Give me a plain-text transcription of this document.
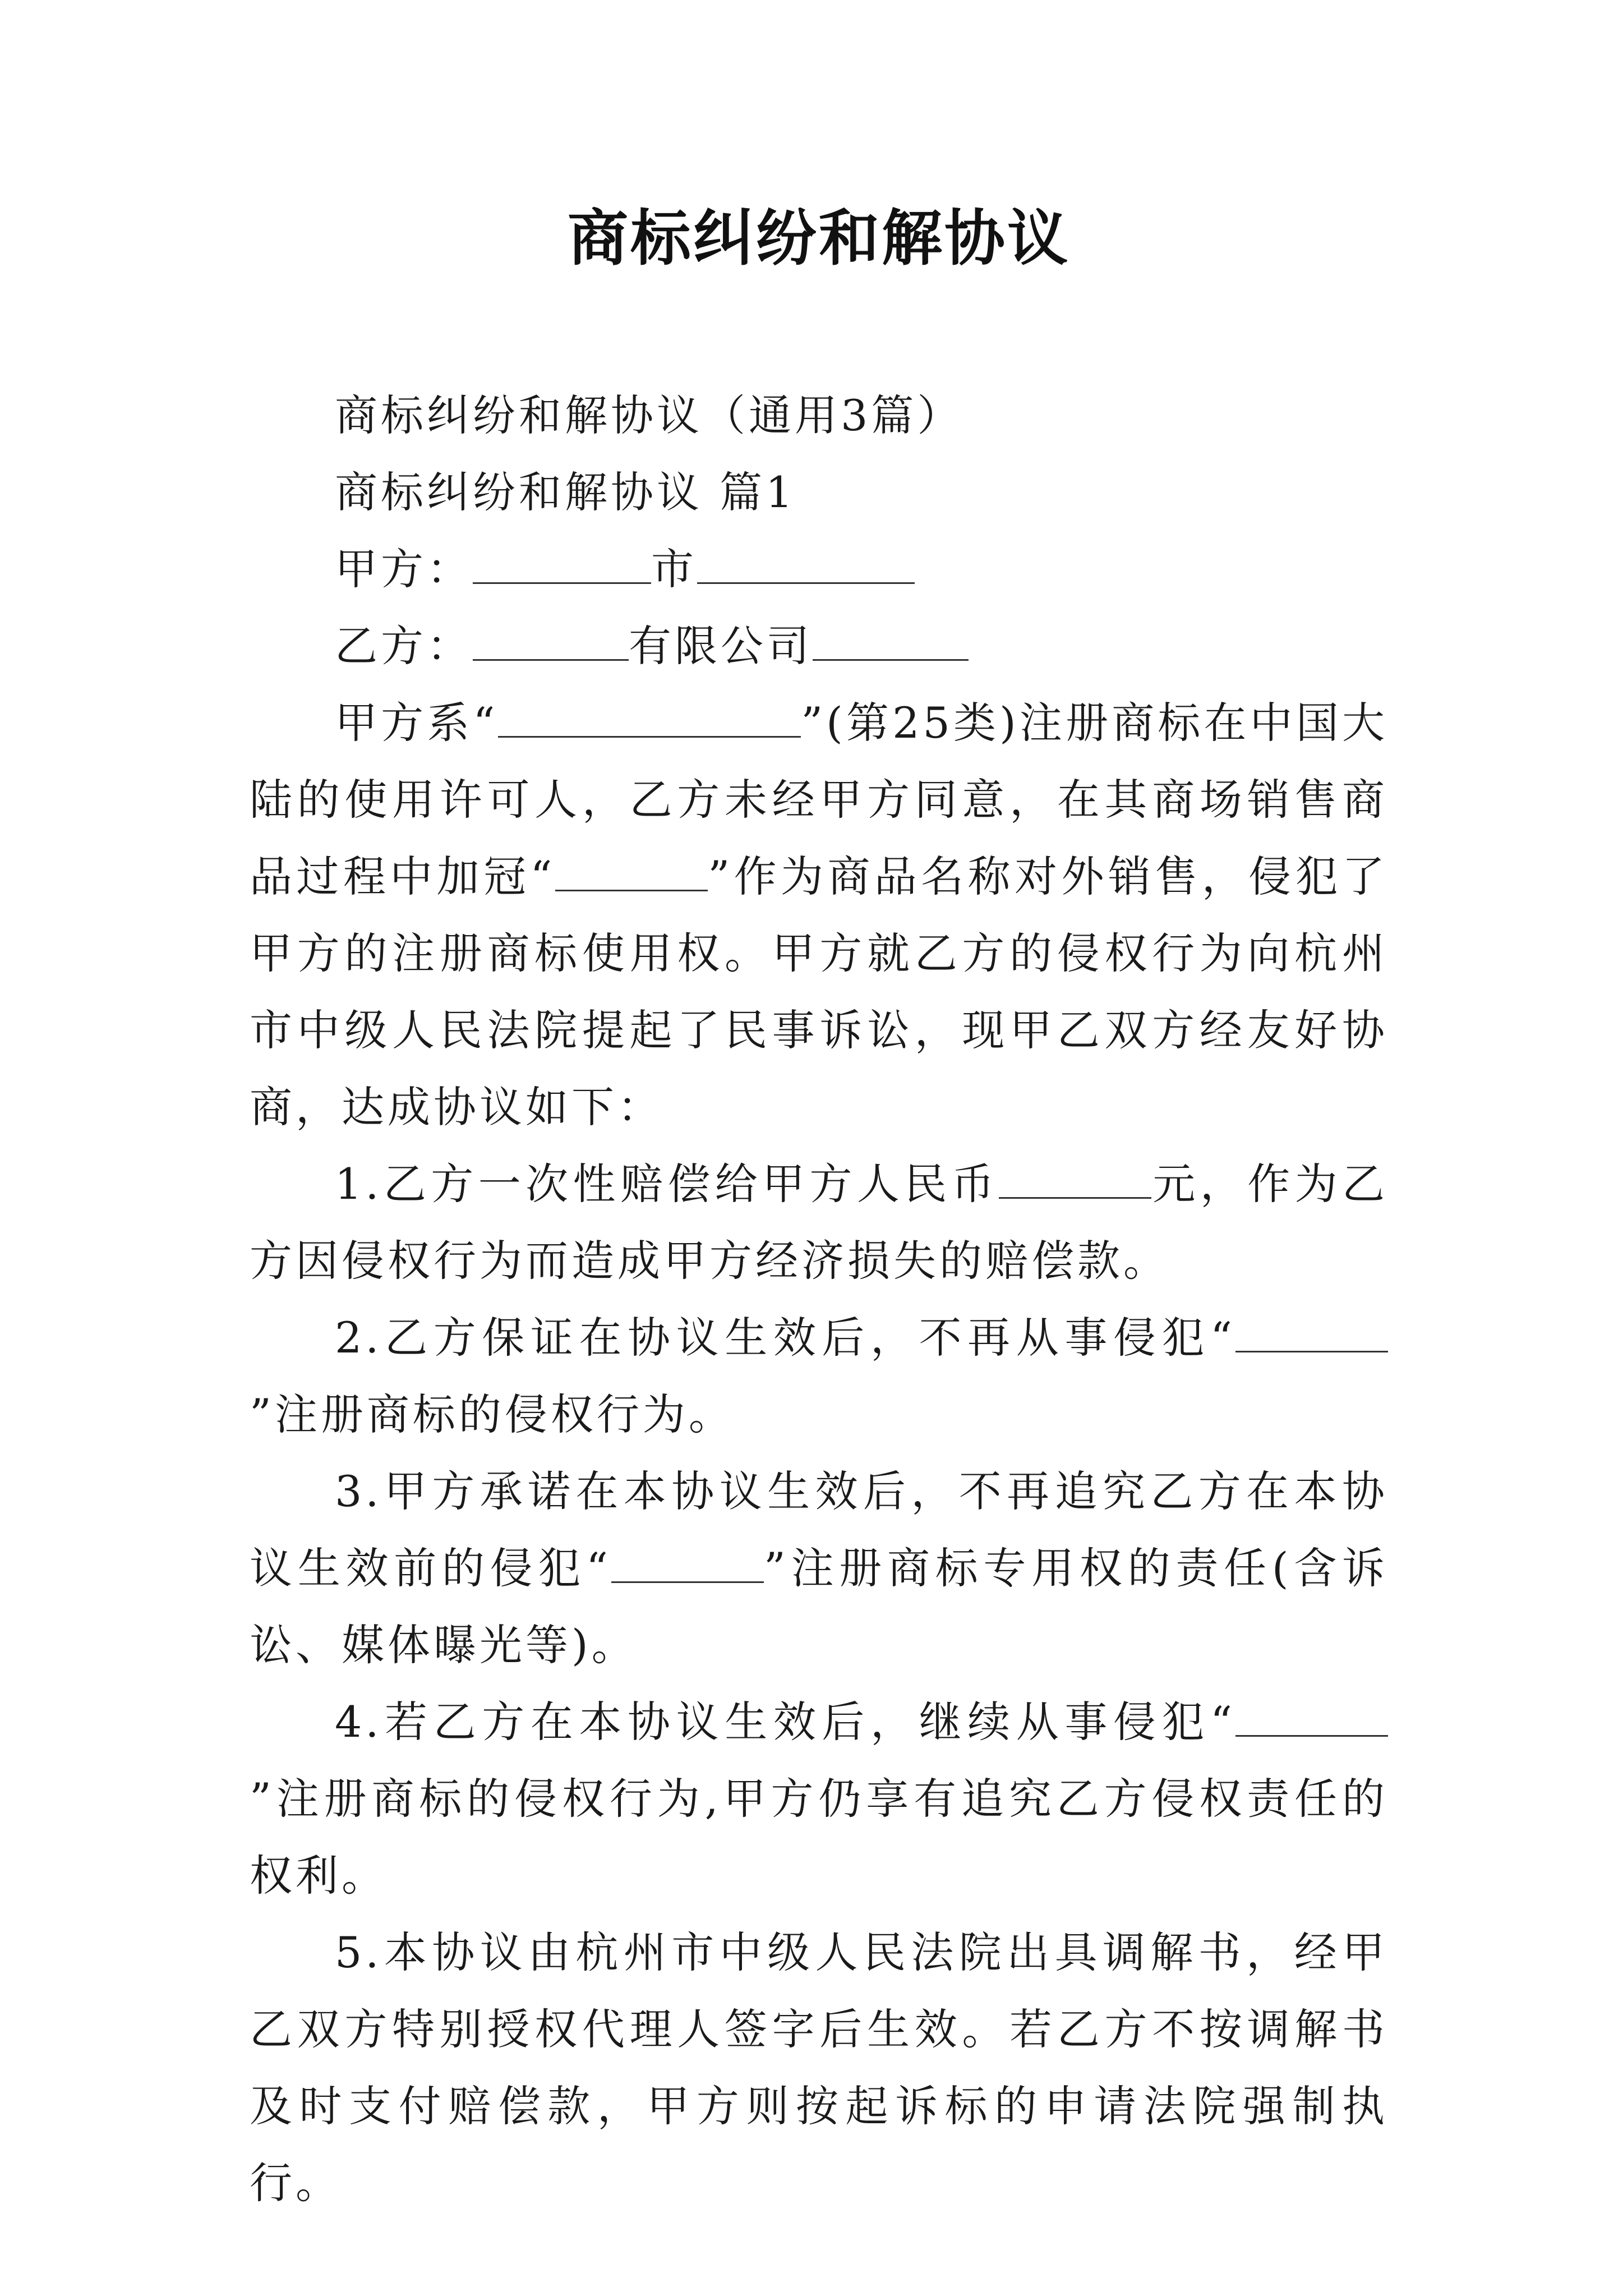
商标纠纷和解协议

商标纠纷和解协议（通用3篇）

商标纠纷和解协议 篇1

甲方：	市

乙方：	有限公司

甲方系“	”(第25类)注册商标在中国大陆的使用许可人，乙方未经甲方同意，在其商场销售商品过程中加冠“	”作为商品名称对外销售，侵犯了甲方的注册商标使用权。甲方就乙方的侵权行为向杭州市中级人民法院提起了民事诉讼，现甲乙双方经友好协商，达成协议如下：

1.乙方一次性赔偿给甲方人民币	元，作为乙方因侵权行为而造成甲方经济损失的赔偿款。

2.乙方保证在协议生效后，不再从事侵犯“”注册商标的侵权行为。

3.甲方承诺在本协议生效后，不再追究乙方在本协议生效前的侵犯“	”注册商标专用权的责任(含诉讼、媒体曝光等)。

4.若乙方在本协议生效后，继续从事侵犯“”注册商标的侵权行为,甲方仍享有追究乙方侵权责任的权利。

5.本协议由杭州市中级人民法院出具调解书，经甲乙双方特别授权代理人签字后生效。若乙方不按调解书及时支付赔偿款，甲方则按起诉标的申请法院强制执行。
